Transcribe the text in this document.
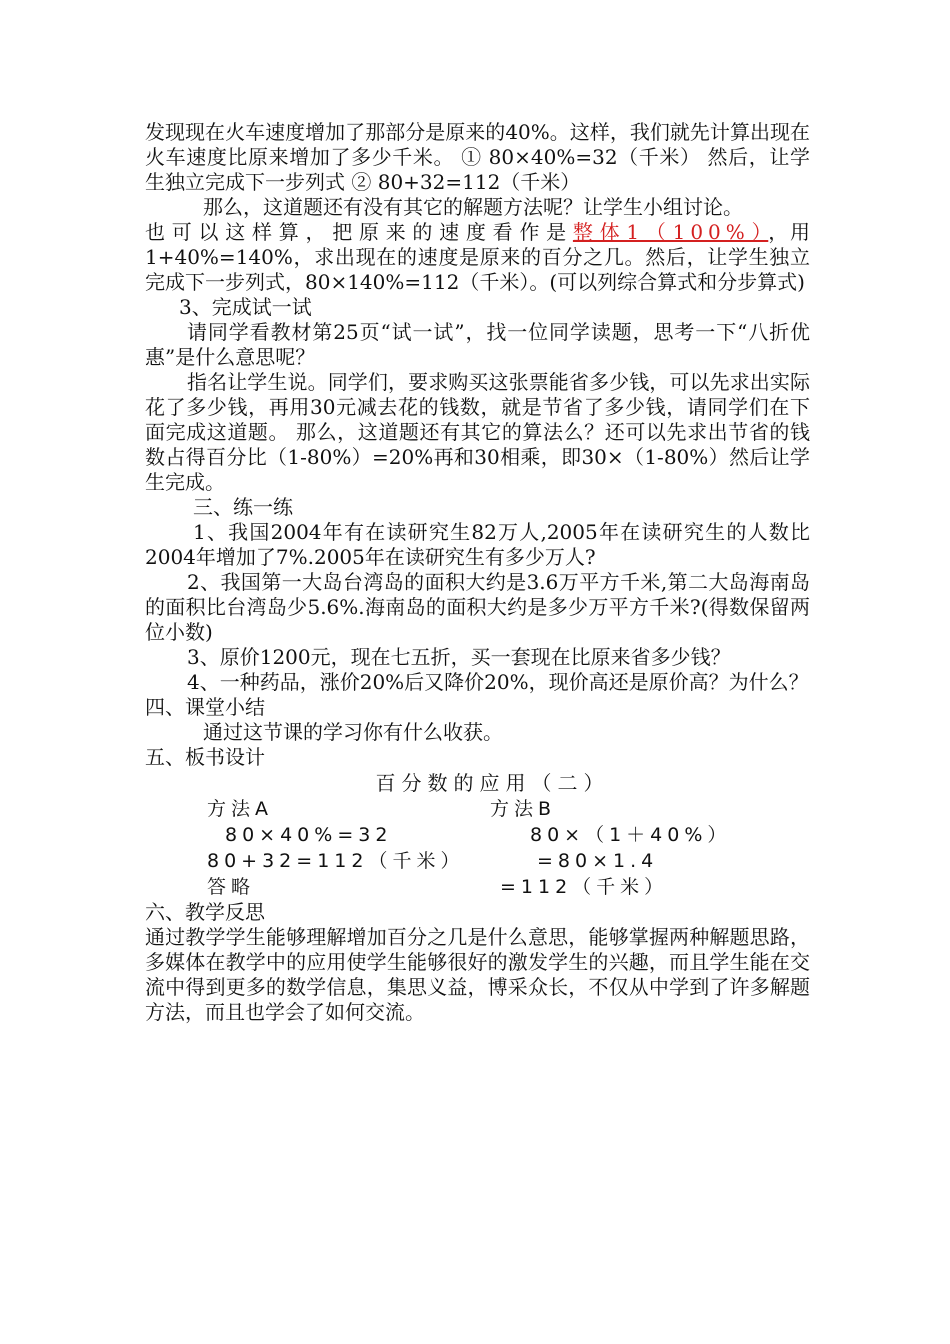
发现现在火车速度增加了那部分是原来的40%。这样，我们就先计算出现在火车速度比原来增加了多少千米。 ① 80×40%=32（千米） 然后，让学生独立完成下一步列式 ② 80+32=112（千米）

那么，这道题还有没有其它的解题方法呢？让学生小组讨论。

也可以这样算，把原来的速度看作是整体1（100%），用1+40%=140%，求出现在的速度是原来的百分之几。然后，让学生独立完成下一步列式，80×140%=112（千米）。(可以列综合算式和分步算式)

3、完成试一试

请同学看教材第25页“试一试”，找一位同学读题，思考一下“八折优惠”是什么意思呢？

指名让学生说。同学们，要求购买这张票能省多少钱，可以先求出实际花了多少钱，再用30元减去花的钱数，就是节省了多少钱，请同学们在下面完成这道题。 那么，这道题还有其它的算法么？还可以先求出节省的钱数占得百分比（1-80%）=20%再和30相乘，即30×（1-80%）然后让学生完成。

三、练一练

1、我国2004年有在读研究生82万人,2005年在读研究生的人数比2004年增加了7%.2005年在读研究生有多少万人?

2、我国第一大岛台湾岛的面积大约是3.6万平方千米,第二大岛海南岛的面积比台湾岛少5.6%.海南岛的面积大约是多少万平方千米?(得数保留两位小数)

3、原价1200元，现在七五折，买一套现在比原来省多少钱？

4、一种药品，涨价20%后又降价20%，现价高还是原价高？为什么？

四、课堂小结

通过这节课的学习你有什么收获。

五、板书设计

百分数的应用（二）

方法A	方法B
80×40%=32	80×（1＋40%）
80+32=112（千米）	=80×1.4
答略	=112（千米）

六、教学反思

通过教学学生能够理解增加百分之几是什么意思，能够掌握两种解题思路，多媒体在教学中的应用使学生能够很好的激发学生的兴趣，而且学生能在交流中得到更多的数学信息，集思义益，博采众长，不仅从中学到了许多解题方法，而且也学会了如何交流。
